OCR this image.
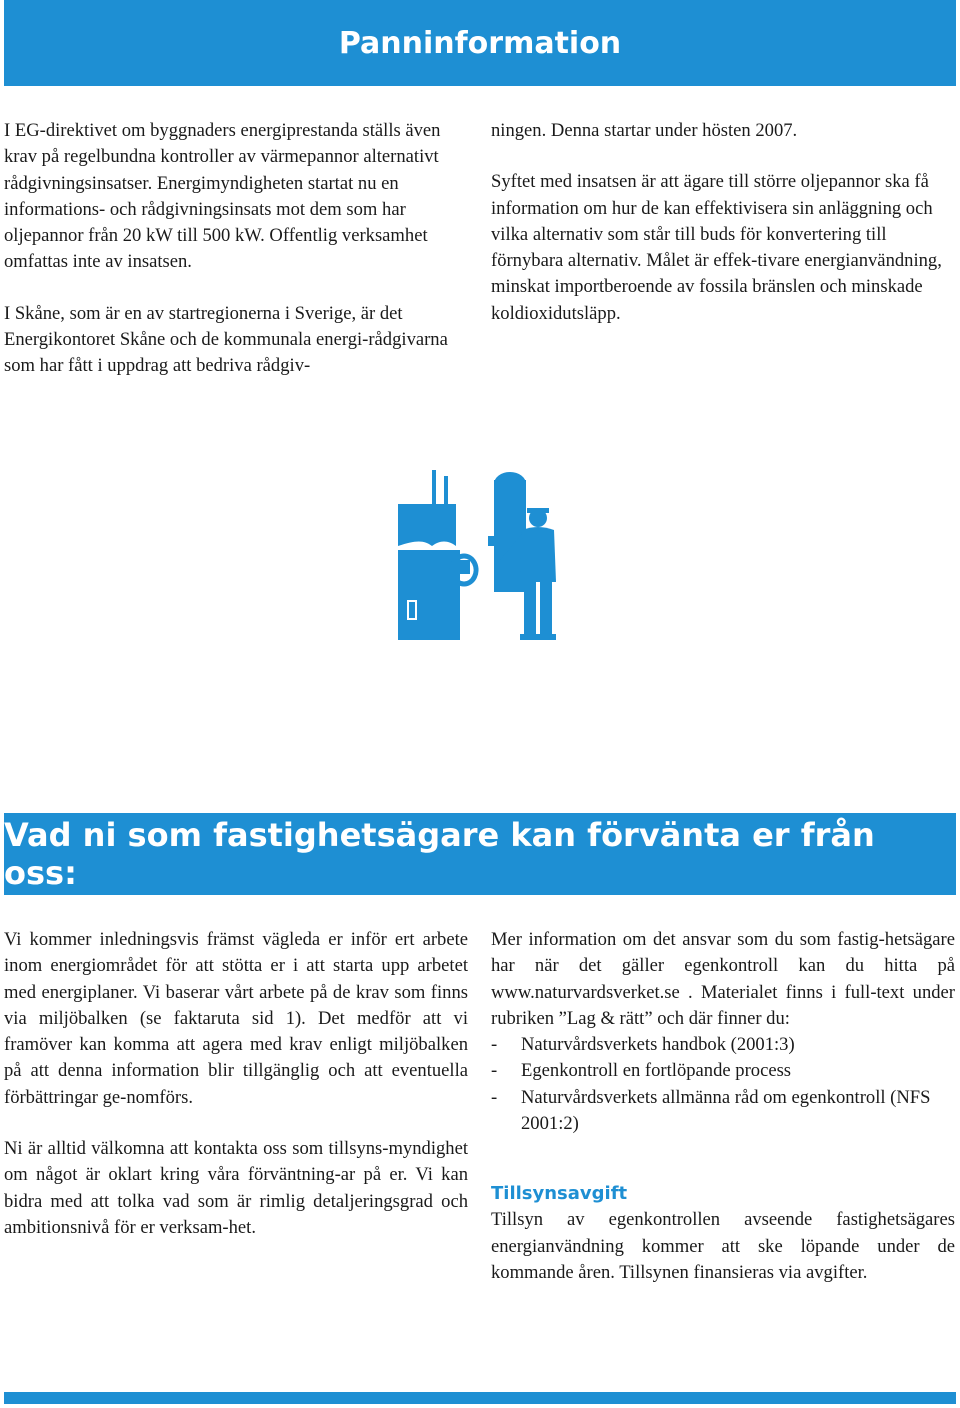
Panninformation

I EG-direktivet om byggnaders energiprestanda ställs även krav på regelbundna kontroller av värmepannor alternativt rådgivningsinsatser. Energimyndigheten startat nu en informations- och rådgivningsinsats mot dem som har oljepannor från 20 kW till 500 kW. Offentlig verksamhet omfattas inte av insatsen.

I Skåne, som är en av startregionerna i Sverige, är det Energikontoret Skåne och de kommunala energi-rådgivarna som har fått i uppdrag att bedriva rådgiv-

ningen. Denna startar under hösten 2007.

Syftet med insatsen är att ägare till större oljepannor ska få information om hur de kan effektivisera sin anläggning och vilka alternativ som står till buds för konvertering till förnybara alternativ. Målet är effek-tivare energianvändning, minskat importberoende av fossila bränslen och minskade koldioxidutsläpp.

Vad ni som fastighetsägare kan förvänta er från oss:

Vi kommer inledningsvis främst vägleda er inför ert arbete inom energiområdet för att stötta er i att starta upp arbetet med energiplaner. Vi baserar vårt arbete på de krav som finns via miljöbalken (se faktaruta sid 1). Det medför att vi framöver kan komma att agera med krav enligt miljöbalken på att denna information blir tillgänglig och att eventuella förbättringar ge-nomförs.

Ni är alltid välkomna att kontakta oss som tillsyns-myndighet om något är oklart kring våra förväntning-ar på er. Vi kan bidra med att tolka vad som är rimlig detaljeringsgrad och ambitionsnivå för er verksam-het.

Mer information om det ansvar som du som fastig-hetsägare har när det gäller egenkontroll kan du hitta på www.naturvardsverket.se . Materialet finns i full-text under rubriken ”Lag & rätt” och där finner du:

- Naturvårdsverkets handbok (2001:3)
- Egenkontroll en fortlöpande process
- Naturvårdsverkets allmänna råd om egenkontroll (NFS 2001:2)
Tillsynsavgift

Tillsyn av egenkontrollen avseende fastighetsägares energianvändning kommer att ske löpande under de kommande åren. Tillsynen finansieras via avgifter.
